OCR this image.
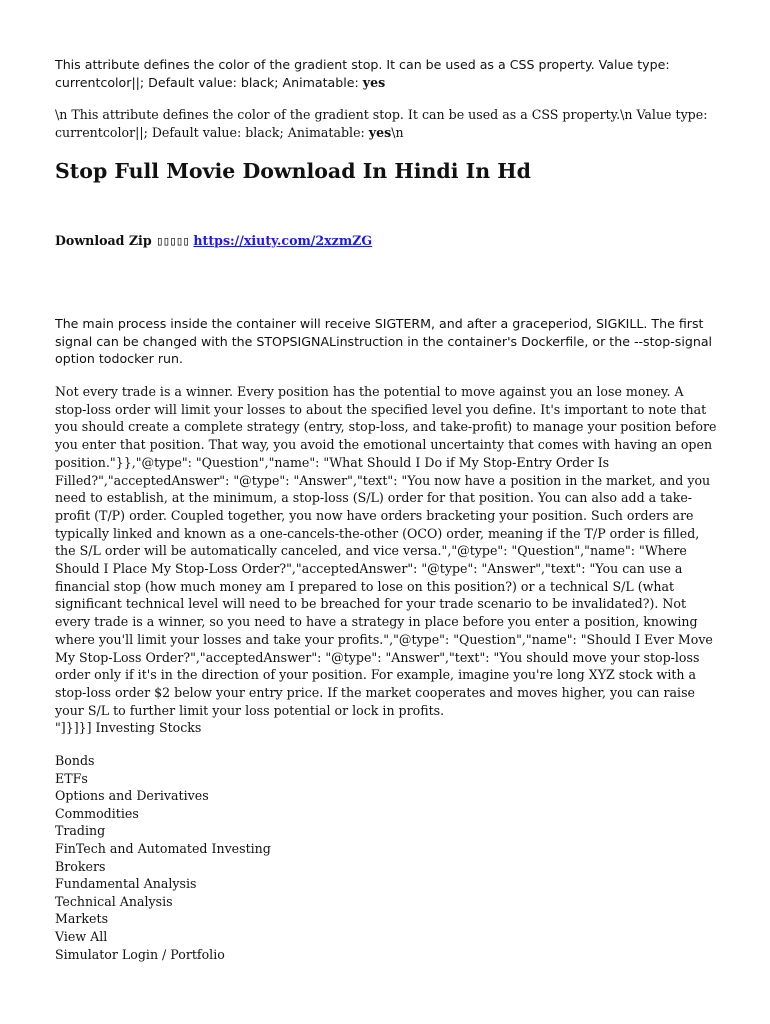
This attribute defines the color of the gradient stop. It can be used as a CSS property. Value type: currentcolor||; Default value: black; Animatable: yes

\n This attribute defines the color of the gradient stop. It can be used as a CSS property.\n Value type: currentcolor||; Default value: black; Animatable: yes\n

Stop Full Movie Download In Hindi In Hd
Download Zip ▯▯▯▯▯ https://xiuty.com/2xzmZG

The main process inside the container will receive SIGTERM, and after a graceperiod, SIGKILL. The first signal can be changed with the STOPSIGNALinstruction in the container's Dockerfile, or the --stop-signal option todocker run.

Not every trade is a winner. Every position has the potential to move against you an lose money. A stop-loss order will limit your losses to about the specified level you define. It's important to note that you should create a complete strategy (entry, stop-loss, and take-profit) to manage your position before you enter that position. That way, you avoid the emotional uncertainty that comes with having an open position."}},"@type": "Question","name": "What Should I Do if My Stop-Entry Order Is Filled?","acceptedAnswer": "@type": "Answer","text": "You now have a position in the market, and you need to establish, at the minimum, a stop-loss (S/L) order for that position. You can also add a take-profit (T/P) order. Coupled together, you now have orders bracketing your position. Such orders are typically linked and known as a one-cancels-the-other (OCO) order, meaning if the T/P order is filled, the S/L order will be automatically canceled, and vice versa.","@type": "Question","name": "Where Should I Place My Stop-Loss Order?","acceptedAnswer": "@type": "Answer","text": "You can use a financial stop (how much money am I prepared to lose on this position?) or a technical S/L (what significant technical level will need to be breached for your trade scenario to be invalidated?). Not every trade is a winner, so you need to have a strategy in place before you enter a position, knowing where you'll limit your losses and take your profits.","@type": "Question","name": "Should I Ever Move My Stop-Loss Order?","acceptedAnswer": "@type": "Answer","text": "You should move your stop-loss order only if it's in the direction of your position. For example, imagine you're long XYZ stock with a stop-loss order $2 below your entry price. If the market cooperates and moves higher, you can raise your S/L to further limit your loss potential or lock in profits.
"]}]}] Investing Stocks

Bonds
ETFs
Options and Derivatives
Commodities
Trading
FinTech and Automated Investing
Brokers
Fundamental Analysis
Technical Analysis
Markets
View All
Simulator Login / Portfolio
